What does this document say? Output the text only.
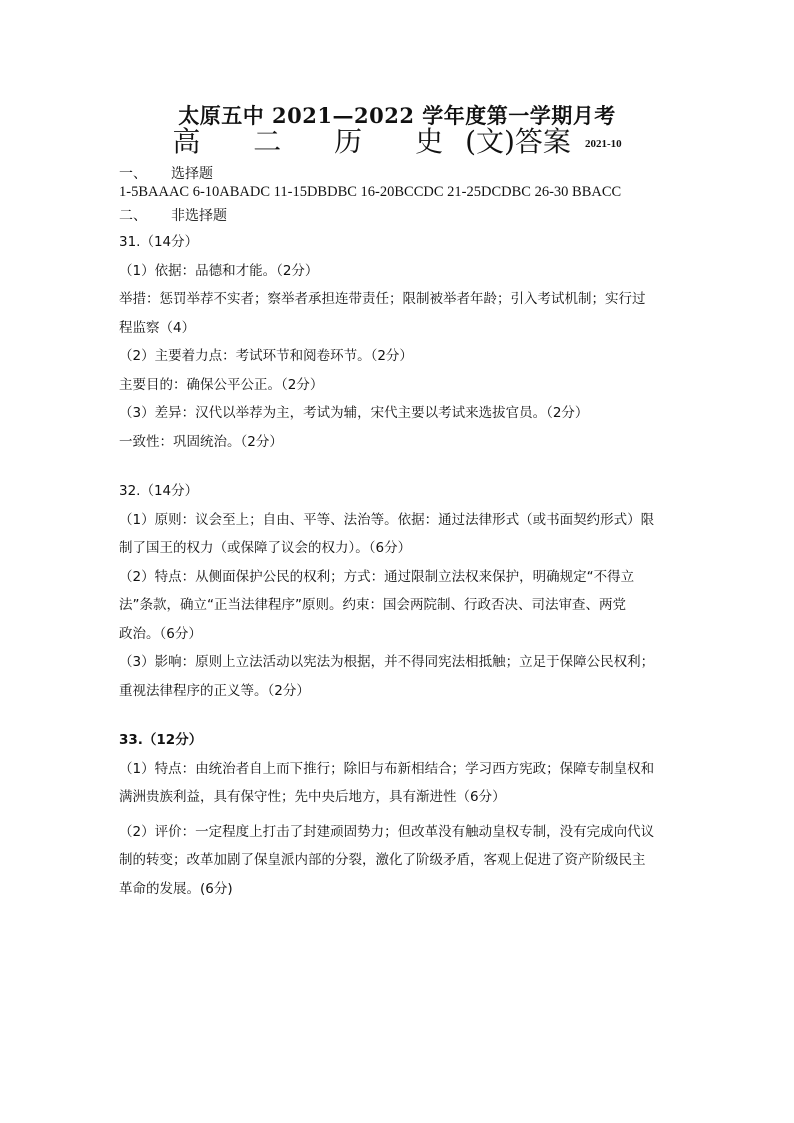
太原五中 2021—2022 学年度第一学期月考
高 二 历 史(文)答案 2021-10
一、 选择题
1-5BAAAC 6-10ABADC 11-15DBDBC 16-20BCCDC 21-25DCDBC 26-30 BBACC
二、 非选择题
31.（14分）
（1）依据：品德和才能。（2分）
举措：惩罚举荐不实者；察举者承担连带责任；限制被举者年龄；引入考试机制；实行过
程监察（4）
（2）主要着力点：考试环节和阅卷环节。（2分）
主要目的：确保公平公正。（2分）
（3）差异：汉代以举荐为主，考试为辅，宋代主要以考试来选拔官员。（2分）
一致性：巩固统治。（2分）
32.（14分）
（1）原则：议会至上；自由、平等、法治等。依据：通过法律形式（或书面契约形式）限
制了国王的权力（或保障了议会的权力）。（6分）
（2）特点：从侧面保护公民的权利；方式：通过限制立法权来保护，明确规定“不得立
法”条款，确立“正当法律程序”原则。约束：国会两院制、行政否决、司法审查、两党
政治。（6分）
（3）影响：原则上立法活动以宪法为根据，并不得同宪法相抵触；立足于保障公民权利；
重视法律程序的正义等。（2分）
33.（12分）
（1）特点：由统治者自上而下推行；除旧与布新相结合；学习西方宪政；保障专制皇权和
满洲贵族利益，具有保守性；先中央后地方，具有渐进性（6分）
（2）评价：一定程度上打击了封建顽固势力；但改革没有触动皇权专制，没有完成向代议
制的转变；改革加剧了保皇派内部的分裂，激化了阶级矛盾，客观上促进了资产阶级民主
革命的发展。(6分)
